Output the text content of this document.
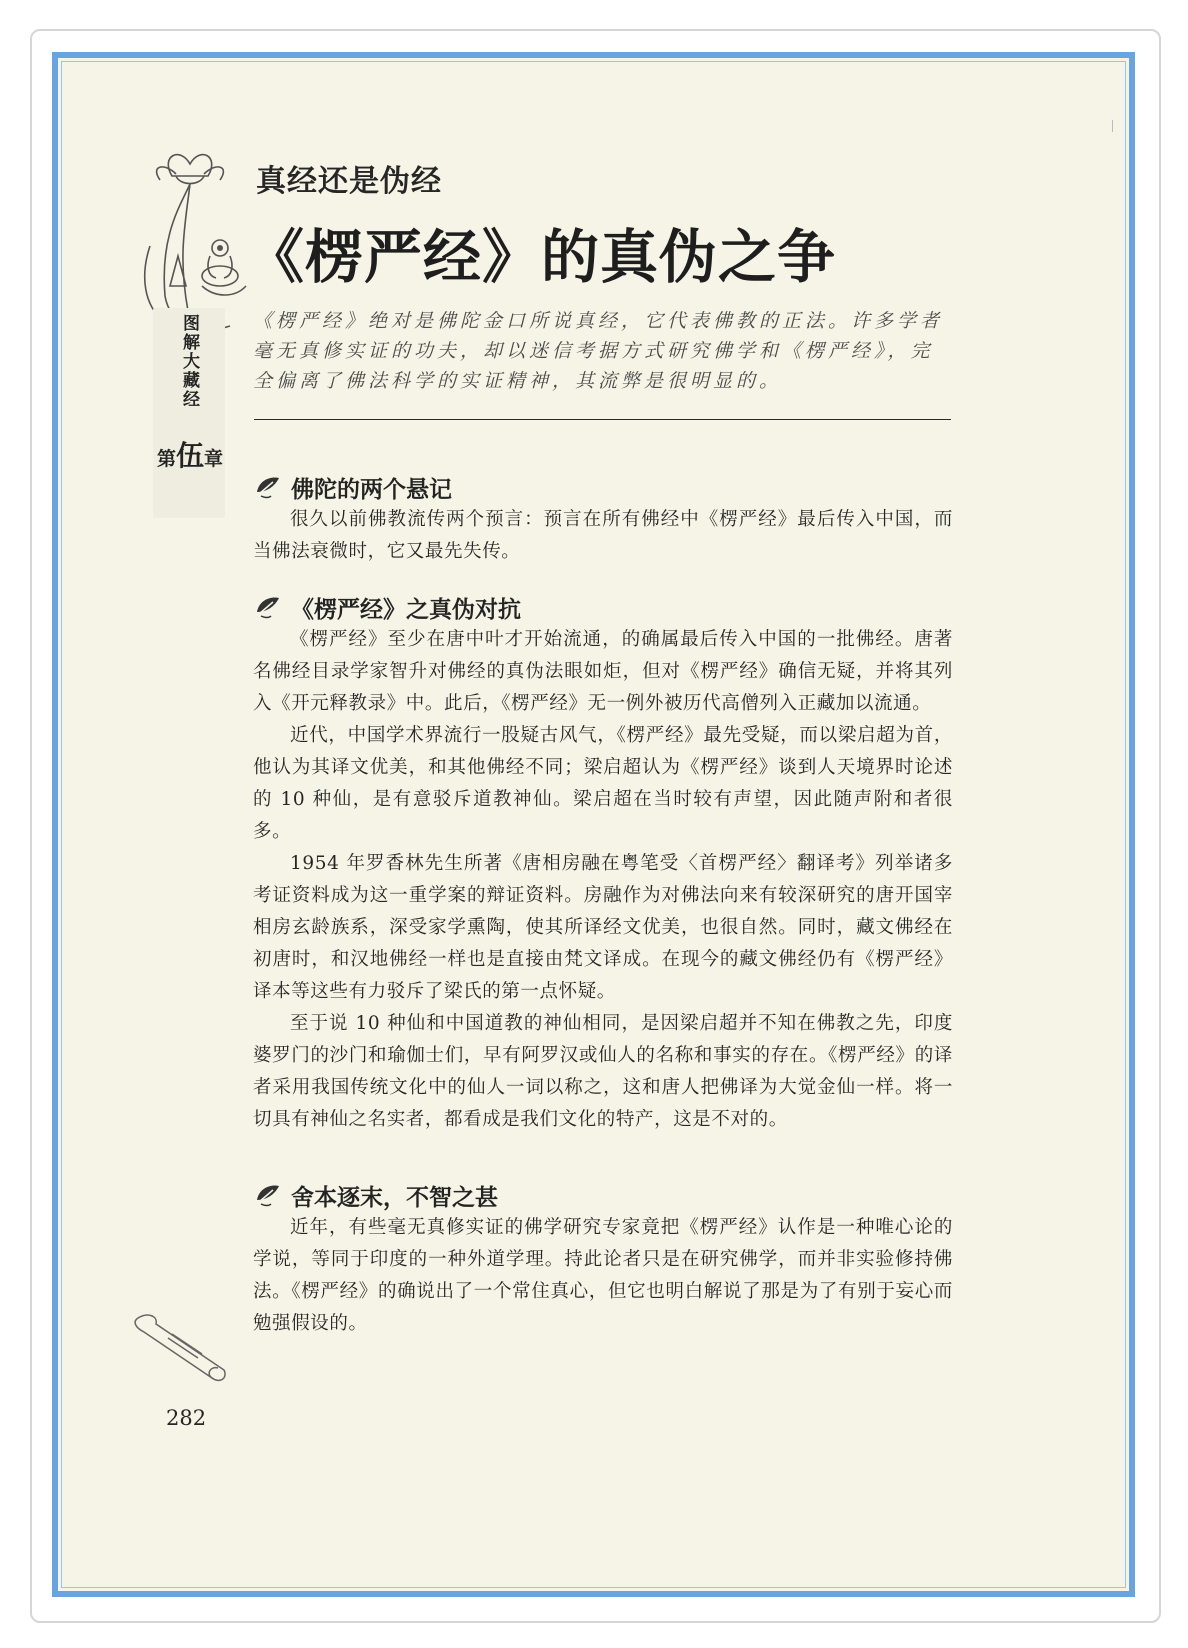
图解大藏经
第伍章
真经还是伪经
《楞严经》的真伪之争
《楞严经》绝对是佛陀金口所说真经，它代表佛教的正法。许多学者毫无真修实证的功夫，却以迷信考据方式研究佛学和《楞严经》，完全偏离了佛法科学的实证精神，其流弊是很明显的。
佛陀的两个悬记

很久以前佛教流传两个预言：预言在所有佛经中《楞严经》最后传入中国，而当佛法衰微时，它又最先失传。

《楞严经》之真伪对抗

《楞严经》至少在唐中叶才开始流通，的确属最后传入中国的一批佛经。唐著名佛经目录学家智升对佛经的真伪法眼如炬，但对《楞严经》确信无疑，并将其列入《开元释教录》中。此后，《楞严经》无一例外被历代高僧列入正藏加以流通。

近代，中国学术界流行一股疑古风气，《楞严经》最先受疑，而以梁启超为首，他认为其译文优美，和其他佛经不同；梁启超认为《楞严经》谈到人天境界时论述的 10 种仙，是有意驳斥道教神仙。梁启超在当时较有声望，因此随声附和者很多。

1954 年罗香林先生所著《唐相房融在粤笔受〈首楞严经〉翻译考》列举诸多考证资料成为这一重学案的辩证资料。房融作为对佛法向来有较深研究的唐开国宰相房玄龄族系，深受家学熏陶，使其所译经文优美，也很自然。同时，藏文佛经在初唐时，和汉地佛经一样也是直接由梵文译成。在现今的藏文佛经仍有《楞严经》译本等这些有力驳斥了梁氏的第一点怀疑。

至于说 10 种仙和中国道教的神仙相同，是因梁启超并不知在佛教之先，印度婆罗门的沙门和瑜伽士们，早有阿罗汉或仙人的名称和事实的存在。《楞严经》的译者采用我国传统文化中的仙人一词以称之，这和唐人把佛译为大觉金仙一样。将一切具有神仙之名实者，都看成是我们文化的特产，这是不对的。

舍本逐末，不智之甚

近年，有些毫无真修实证的佛学研究专家竟把《楞严经》认作是一种唯心论的学说，等同于印度的一种外道学理。持此论者只是在研究佛学，而并非实验修持佛法。《楞严经》的确说出了一个常住真心，但它也明白解说了那是为了有别于妄心而勉强假设的。

282
